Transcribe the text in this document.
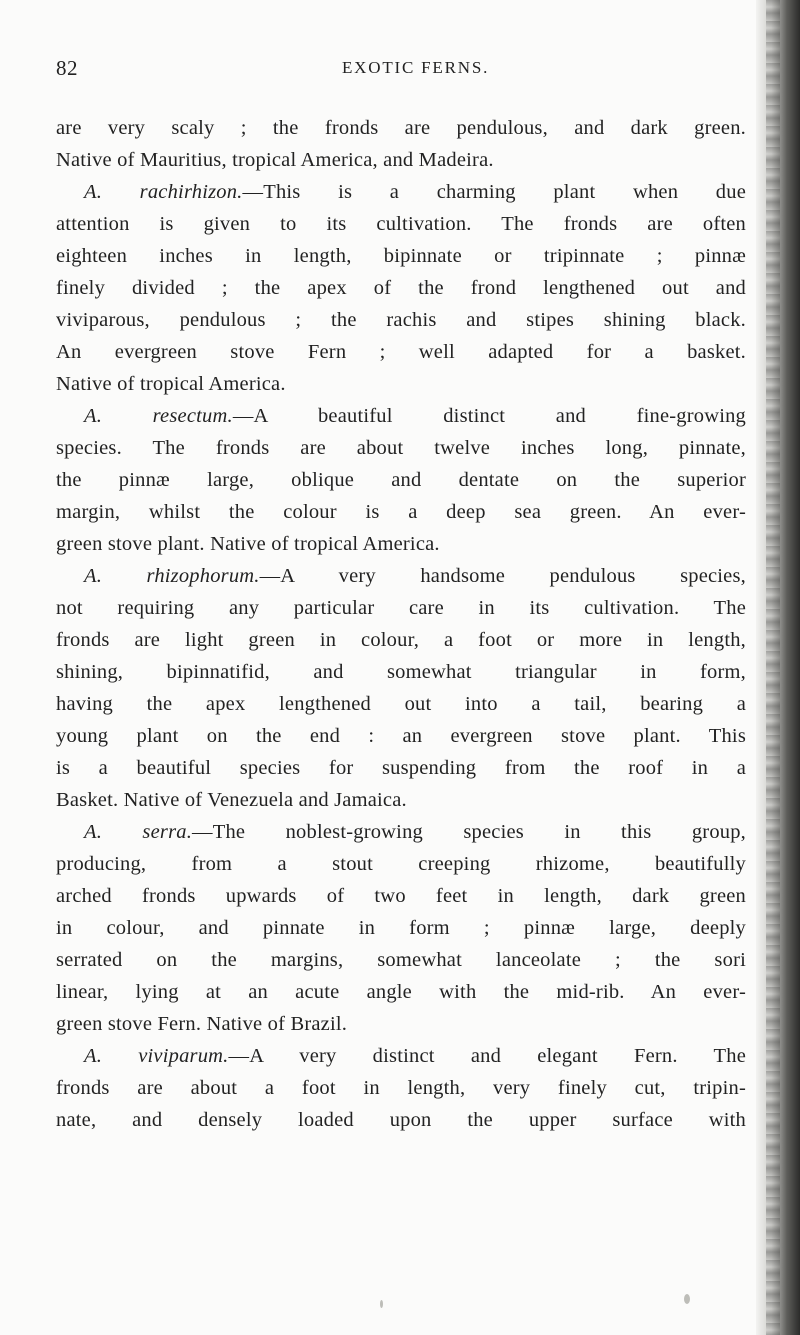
82	EXOTIC FERNS.
are very scaly ; the fronds are pendulous, and dark green.
Native of Mauritius, tropical America, and Madeira.
A. rachirhizon.—This is a charming plant when due
attention is given to its cultivation. The fronds are often
eighteen inches in length, bipinnate or tripinnate ; pinnæ
finely divided ; the apex of the frond lengthened out and
viviparous, pendulous ; the rachis and stipes shining black.
An evergreen stove Fern ; well adapted for a basket.
Native of tropical America.
A. resectum.—A beautiful distinct and fine-growing
species. The fronds are about twelve inches long, pinnate,
the pinnæ large, oblique and dentate on the superior
margin, whilst the colour is a deep sea green. An ever-
green stove plant. Native of tropical America.
A. rhizophorum.—A very handsome pendulous species,
not requiring any particular care in its cultivation. The
fronds are light green in colour, a foot or more in length,
shining, bipinnatifid, and somewhat triangular in form,
having the apex lengthened out into a tail, bearing a
young plant on the end : an evergreen stove plant. This
is a beautiful species for suspending from the roof in a
Basket. Native of Venezuela and Jamaica.
A. serra.—The noblest-growing species in this group,
producing, from a stout creeping rhizome, beautifully
arched fronds upwards of two feet in length, dark green
in colour, and pinnate in form ; pinnæ large, deeply
serrated on the margins, somewhat lanceolate ; the sori
linear, lying at an acute angle with the mid-rib. An ever-
green stove Fern. Native of Brazil.
A. viviparum.—A very distinct and elegant Fern. The
fronds are about a foot in length, very finely cut, tripin-
nate, and densely loaded upon the upper surface with
